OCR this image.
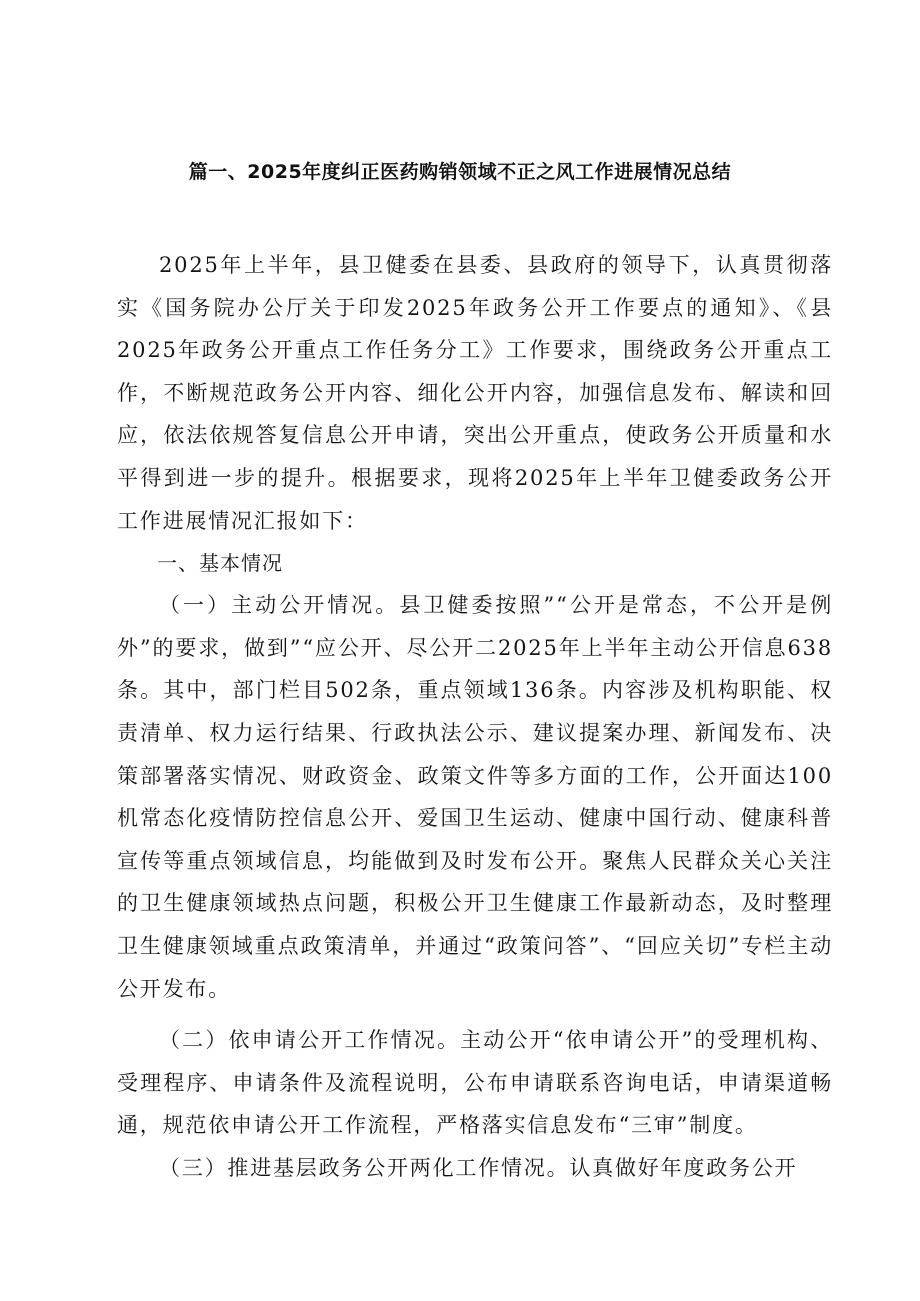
篇一、2025年度纠正医药购销领域不正之风工作进展情况总结

2025年上半年，县卫健委在县委、县政府的领导下，认真贯彻落实《国务院办公厅关于印发2025年政务公开工作要点的通知》、《县2025年政务公开重点工作任务分工》工作要求，围绕政务公开重点工作，不断规范政务公开内容、细化公开内容，加强信息发布、解读和回应，依法依规答复信息公开申请，突出公开重点，使政务公开质量和水平得到进一步的提升。根据要求，现将2025年上半年卫健委政务公开工作进展情况汇报如下：

一、基本情况

（一）主动公开情况。县卫健委按照”“公开是常态，不公开是例外”的要求，做到”“应公开、尽公开二2025年上半年主动公开信息638条。其中，部门栏目502条，重点领域136条。内容涉及机构职能、权责清单、权力运行结果、行政执法公示、建议提案办理、新闻发布、决策部署落实情况、财政资金、政策文件等多方面的工作，公开面达100机常态化疫情防控信息公开、爱国卫生运动、健康中国行动、健康科普宣传等重点领域信息，均能做到及时发布公开。聚焦人民群众关心关注的卫生健康领域热点问题，积极公开卫生健康工作最新动态，及时整理卫生健康领域重点政策清单，并通过“政策问答”、“回应关切”专栏主动公开发布。

（二）依申请公开工作情况。主动公开“依申请公开”的受理机构、受理程序、申请条件及流程说明，公布申请联系咨询电话，申请渠道畅通，规范依申请公开工作流程，严格落实信息发布“三审”制度。

（三）推进基层政务公开两化工作情况。认真做好年度政务公开
